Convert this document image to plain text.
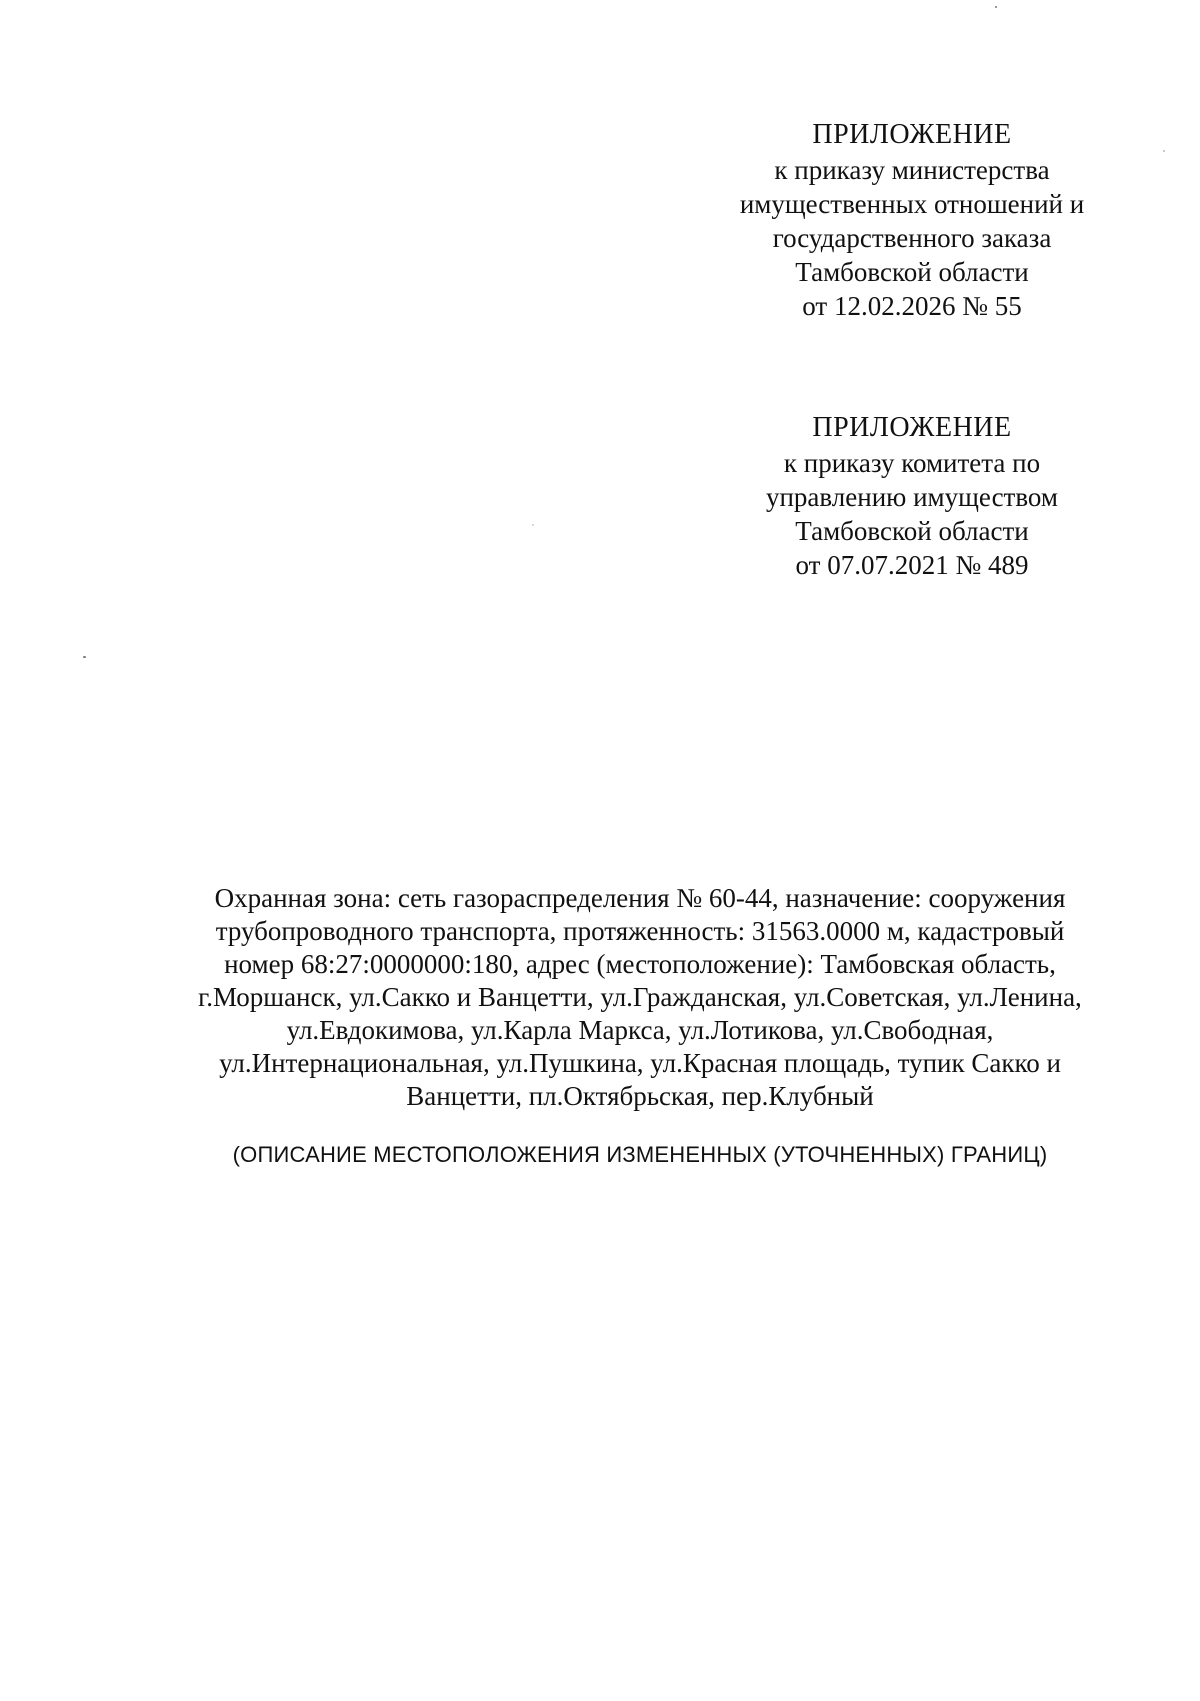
ПРИЛОЖЕНИЕ
к приказу министерства
имущественных отношений и
государственного заказа
Тамбовской области
от 12.02.2026 № 55
ПРИЛОЖЕНИЕ
к приказу комитета по
управлению имуществом
Тамбовской области
от 07.07.2021 № 489
Охранная зона: сеть газораспределения № 60-44, назначение: сооружения
трубопроводного транспорта, протяженность: 31563.0000 м, кадастровый
номер 68:27:0000000:180, адрес (местоположение): Тамбовская область,
г.Моршанск, ул.Сакко и Ванцетти, ул.Гражданская, ул.Советская, ул.Ленина,
ул.Евдокимова, ул.Карла Маркса, ул.Лотикова, ул.Свободная,
ул.Интернациональная, ул.Пушкина, ул.Красная площадь, тупик Сакко и
Ванцетти, пл.Октябрьская, пер.Клубный
(ОПИСАНИЕ МЕСТОПОЛОЖЕНИЯ ИЗМЕНЕННЫХ (УТОЧНЕННЫХ) ГРАНИЦ)
